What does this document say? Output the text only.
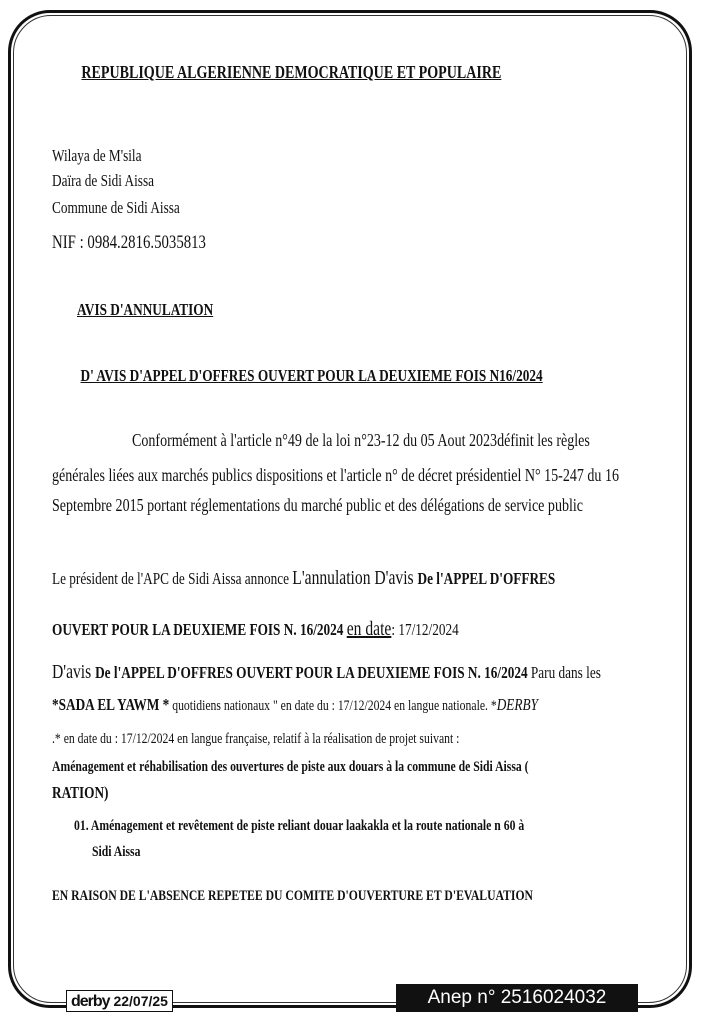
REPUBLIQUE ALGERIENNE DEMOCRATIQUE ET POPULAIRE
Wilaya de M'sila
Daïra de Sidi Aissa
Commune de Sidi Aissa
NIF : 0984.2816.5035813
AVIS D'ANNULATION
D' AVIS D'APPEL D'OFFRES OUVERT POUR LA DEUXIEME FOIS N16/2024
Conformément à l'article n°49 de la loi n°23-12 du 05 Aout 2023définit les règles
générales liées aux marchés publics dispositions et l'article n° de décret présidentiel N° 15-247 du 16
Septembre 2015 portant réglementations du marché public et des délégations de service public
Le président de l'APC de Sidi Aissa annonce L'annulation D'avis De l'APPEL D'OFFRES
OUVERT POUR LA DEUXIEME FOIS N. 16/2024 en date: 17/12/2024
D'avis De l'APPEL D'OFFRES OUVERT POUR LA DEUXIEME FOIS N. 16/2024 Paru dans les
*SADA EL YAWM * quotidiens nationaux " en date du : 17/12/2024 en langue nationale. *DERBY
.* en date du : 17/12/2024 en langue française, relatif à la réalisation de projet suivant :
Aménagement et réhabilisation des ouvertures de piste aux douars à la commune de Sidi Aissa (
RATION)
01. Aménagement et revêtement de piste reliant douar laakakla et la route nationale n 60 à
Sidi Aissa
EN RAISON DE L'ABSENCE REPETEE DU COMITE D'OUVERTURE ET D'EVALUATION
derby 22/07/25	Anep n° 2516024032
